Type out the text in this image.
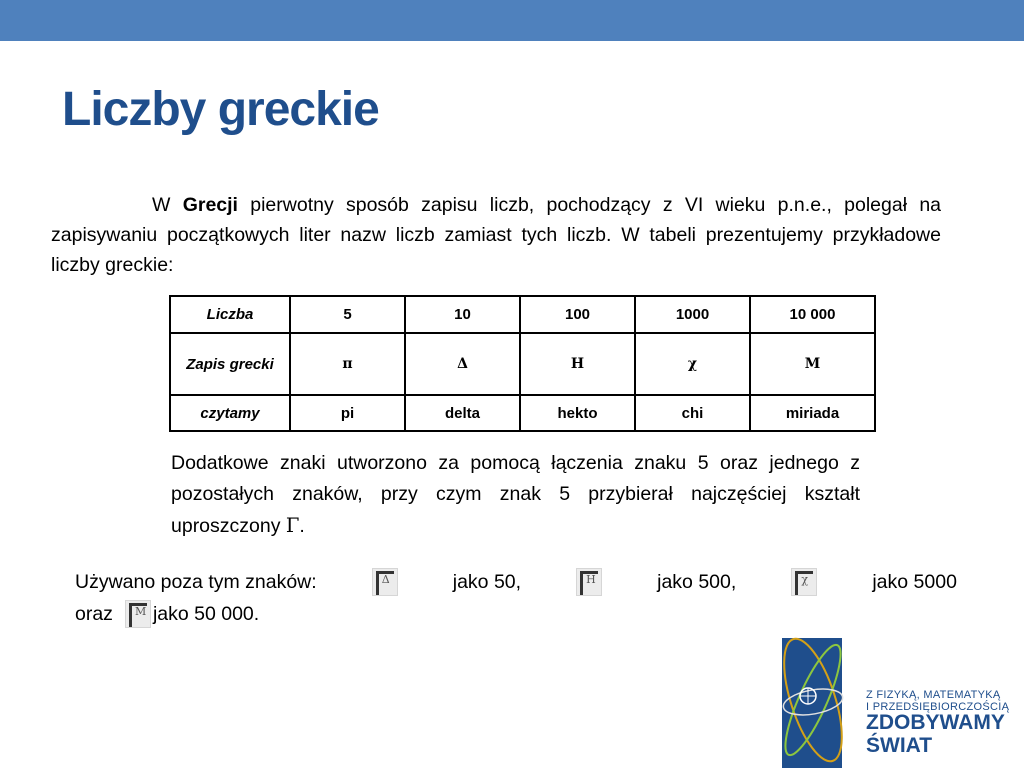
Liczby greckie

W Grecji pierwotny sposób zapisu liczb, pochodzący z VI wieku p.n.e., polegał na zapisywaniu początkowych liter nazw liczb zamiast tych liczb. W tabeli prezentujemy przykładowe liczby greckie:

Liczba	5	10	100	1000	10 000
Zapis grecki	π	Δ	Η	χ	Μ
czytamy	pi	delta	hekto	chi	miriada

Dodatkowe znaki utworzono za pomocą łączenia znaku 5 oraz jednego z pozostałych znaków, przy czym znak 5 przybierał najczęściej kształt uproszczony Γ.

Używano poza tym znaków:	Δ	jako 50,	Η	jako 500,	χ	jako 5000
oraz Μ jako 50 000.
Z FIZYKĄ, MATEMATYKĄ
I PRZEDSIĘBIORCZOŚCIĄ
ZDOBYWAMY
ŚWIAT
